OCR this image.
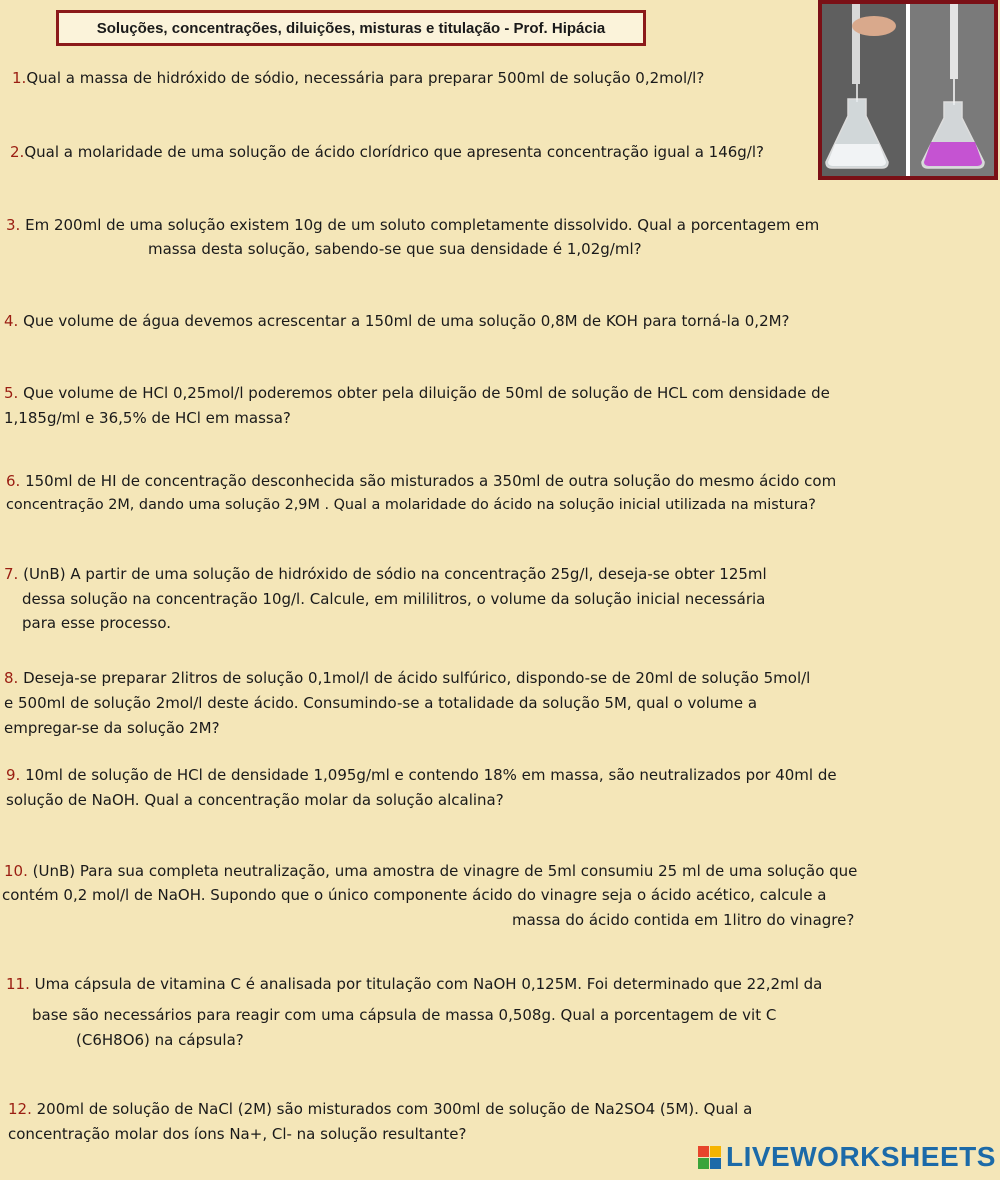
Soluções, concentrações, diluições, misturas e titulação - Prof. Hipácia
1.Qual a massa de hidróxido de sódio, necessária para preparar 500ml de solução 0,2mol/l?
2.Qual a molaridade de uma solução de ácido clorídrico que apresenta concentração igual a 146g/l?
3. Em 200ml de uma solução existem 10g de um soluto completamente dissolvido. Qual a porcentagem em
massa desta solução, sabendo-se que sua densidade é 1,02g/ml?
4. Que volume de água devemos acrescentar a 150ml de uma solução 0,8M de KOH para torná-la 0,2M?
5. Que volume de HCl 0,25mol/l poderemos obter pela diluição de 50ml de solução de HCL com densidade de
1,185g/ml e 36,5% de HCl em massa?
6. 150ml de HI de concentração desconhecida são misturados a 350ml de outra solução do mesmo ácido com
concentração 2M, dando uma solução 2,9M . Qual a molaridade do ácido na solução inicial utilizada na mistura?
7. (UnB) A partir de uma solução de hidróxido de sódio na concentração 25g/l, deseja-se obter 125ml
dessa solução na concentração 10g/l. Calcule, em mililitros, o volume da solução inicial necessária
para esse processo.
8. Deseja-se preparar 2litros de solução 0,1mol/l de ácido sulfúrico, dispondo-se de 20ml de solução 5mol/l
e 500ml de solução 2mol/l deste ácido. Consumindo-se a totalidade da solução 5M, qual o volume a
empregar-se da solução 2M?
9. 10ml de solução de HCl de densidade 1,095g/ml e contendo 18% em massa, são neutralizados por 40ml de
solução de NaOH. Qual a concentração molar da solução alcalina?
10. (UnB) Para sua completa neutralização, uma amostra de vinagre de 5ml consumiu 25 ml de uma solução que
contém 0,2 mol/l de NaOH. Supondo que o único componente ácido do vinagre seja o ácido acético, calcule a
massa do ácido contida em 1litro do vinagre?
11. Uma cápsula de vitamina C é analisada por titulação com NaOH 0,125M. Foi determinado que 22,2ml da
base são necessários para reagir com uma cápsula de massa 0,508g. Qual a porcentagem de vit C
(C6H8O6) na cápsula?
12. 200ml de solução de NaCl (2M) são misturados com 300ml de solução de Na2SO4 (5M). Qual a
concentração molar dos íons Na+, Cl- na solução resultante?
LIVEWORKSHEETS
